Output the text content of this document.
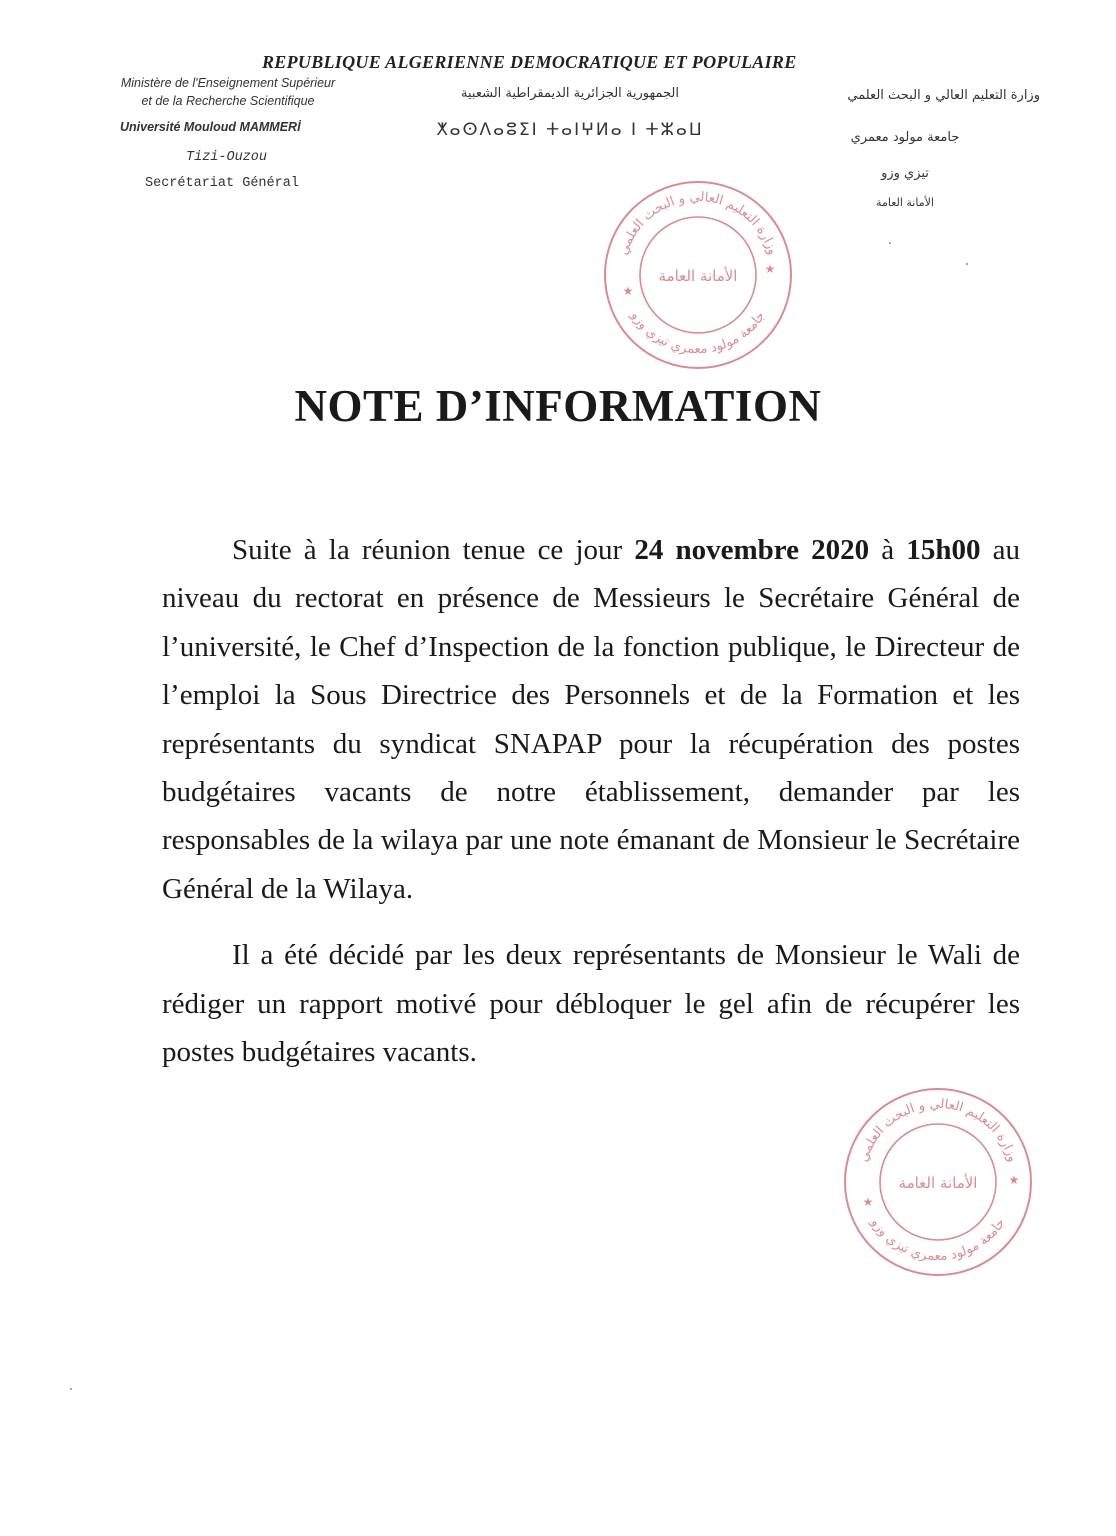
REPUBLIQUE ALGERIENNE DEMOCRATIQUE ET POPULAIRE
Ministère de l'Enseignement Supérieur
et de la Recherche Scientifique
Université Mouloud MAMMERİ
Tizi-Ouzou
Secrétariat Général
الجمهورية الجزائرية الديمقراطية الشعبية
ⵅⴰⵙⴷⴰⵓⵉⵏ ⵜⴰⵏⵖⵍⴰ ⵏ ⵜⵣⴰⵡ
وزارة التعليم العالي و البحث العلمي
جامعة مولود معمري
تيزي وزو
الأمانة العامة
وزارة التعليم العالي و البحث العلمي
جامعة مولود معمري تيزي وزو
الأمانة العامة
★
★
NOTE D’INFORMATION

Suite à la réunion tenue ce jour 24 novembre 2020 à 15h00 au niveau du rectorat en présence de Messieurs le Secrétaire Général de l’université, le Chef d’Inspection de la fonction publique, le Directeur de l’emploi la Sous Directrice des Personnels et de la Formation et les représentants du syndicat SNAPAP pour la récupération des postes budgétaires vacants de notre établissement, demander par les responsables de la wilaya par une note émanant de Monsieur le Secrétaire Général de la Wilaya.

Il a été décidé par les deux représentants de Monsieur le Wali de rédiger un rapport motivé pour débloquer le gel afin de récupérer les postes budgétaires vacants.

وزارة التعليم العالي و البحث العلمي
جامعة مولود معمري تيزي وزو
الأمانة العامة
★
★
